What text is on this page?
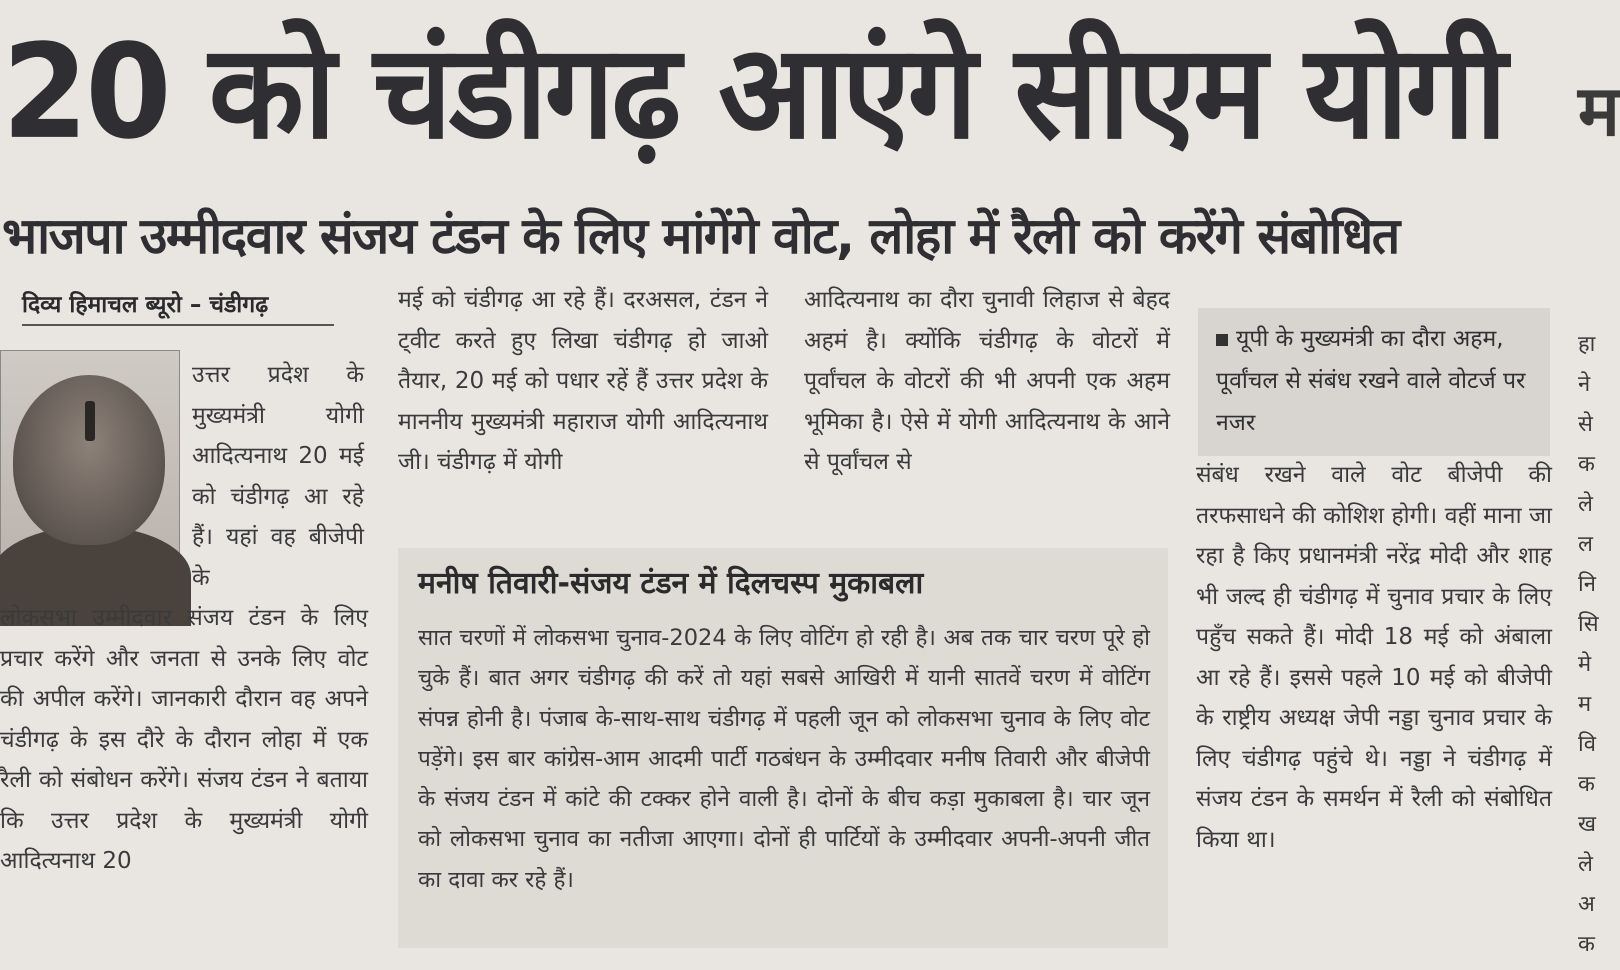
20 को चंडीगढ़ आएंगे सीएम योगी	म
भाजपा उम्मीदवार संजय टंडन के लिए मांगेंगे वोट, लोहा में रैली को करेंगे संबोधित
दिव्य हिमाचल ब्यूरो – चंडीगढ़

उत्तर प्रदेश के मुख्यमंत्री योगी आदित्यनाथ 20 मई को चंडीगढ़ आ रहे हैं। यहां वह बीजेपी के

लोकसभा उम्मीदवार संजय टंडन के लिए प्रचार करेंगे और जनता से उनके लिए वोट की अपील करेंगे। जानकारी दौरान वह अपने चंडीगढ़ के इस दौरे के दौरान लोहा में एक रैली को संबोधन करेंगे। संजय टंडन ने बताया कि उत्तर प्रदेश के मुख्यमंत्री योगी आदित्यनाथ 20

मई को चंडीगढ़ आ रहे हैं। दरअसल, टंडन ने ट्वीट करते हुए लिखा चंडीगढ़ हो जाओ तैयार, 20 मई को पधार रहें हैं उत्तर प्रदेश के माननीय मुख्यमंत्री महाराज योगी आदित्यनाथ जी। चंडीगढ़ में योगी

आदित्यनाथ का दौरा चुनावी लिहाज से बेहद अहमं है। क्योंकि चंडीगढ़ के वोटरों में पूर्वांचल के वोटरों की भी अपनी एक अहम भूमिका है। ऐसे में योगी आदित्यनाथ के आने से पूर्वांचल से

मनीष तिवारी-संजय टंडन में दिलचस्प मुकाबला

सात चरणों में लोकसभा चुनाव-2024 के लिए वोटिंग हो रही है। अब तक चार चरण पूरे हो चुके हैं। बात अगर चंडीगढ़ की करें तो यहां सबसे आखिरी में यानी सातवें चरण में वोटिंग संपन्न होनी है। पंजाब के-साथ-साथ चंडीगढ़ में पहली जून को लोकसभा चुनाव के लिए वोट पड़ेंगे। इस बार कांग्रेस-आम आदमी पार्टी गठबंधन के उम्मीदवार मनीष तिवारी और बीजेपी के संजय टंडन में कांटे की टक्कर होने वाली है। दोनों के बीच कड़ा मुकाबला है। चार जून को लोकसभा चुनाव का नतीजा आएगा। दोनों ही पार्टियों के उम्मीदवार अपनी-अपनी जीत का दावा कर रहे हैं।

यूपी के मुख्यमंत्री का दौरा अहम, पूर्वांचल से संबंध रखने वाले वोटर्ज पर नजर

संबंध रखने वाले वोट बीजेपी की तरफसाधने की कोशिश होगी। वहीं माना जा रहा है किए प्रधानमंत्री नरेंद्र मोदी और शाह भी जल्द ही चंडीगढ़ में चुनाव प्रचार के लिए पहुँच सकते हैं। मोदी 18 मई को अंबाला आ रहे हैं। इससे पहले 10 मई को बीजेपी के राष्ट्रीय अध्यक्ष जेपी नड्डा चुनाव प्रचार के लिए चंडीगढ़ पहुंचे थे। नड्डा ने चंडीगढ़ में संजय टंडन के समर्थन में रैली को संबोधित किया था।

हा ने से क ले ल नि सि मे म वि क ख ले अ क
